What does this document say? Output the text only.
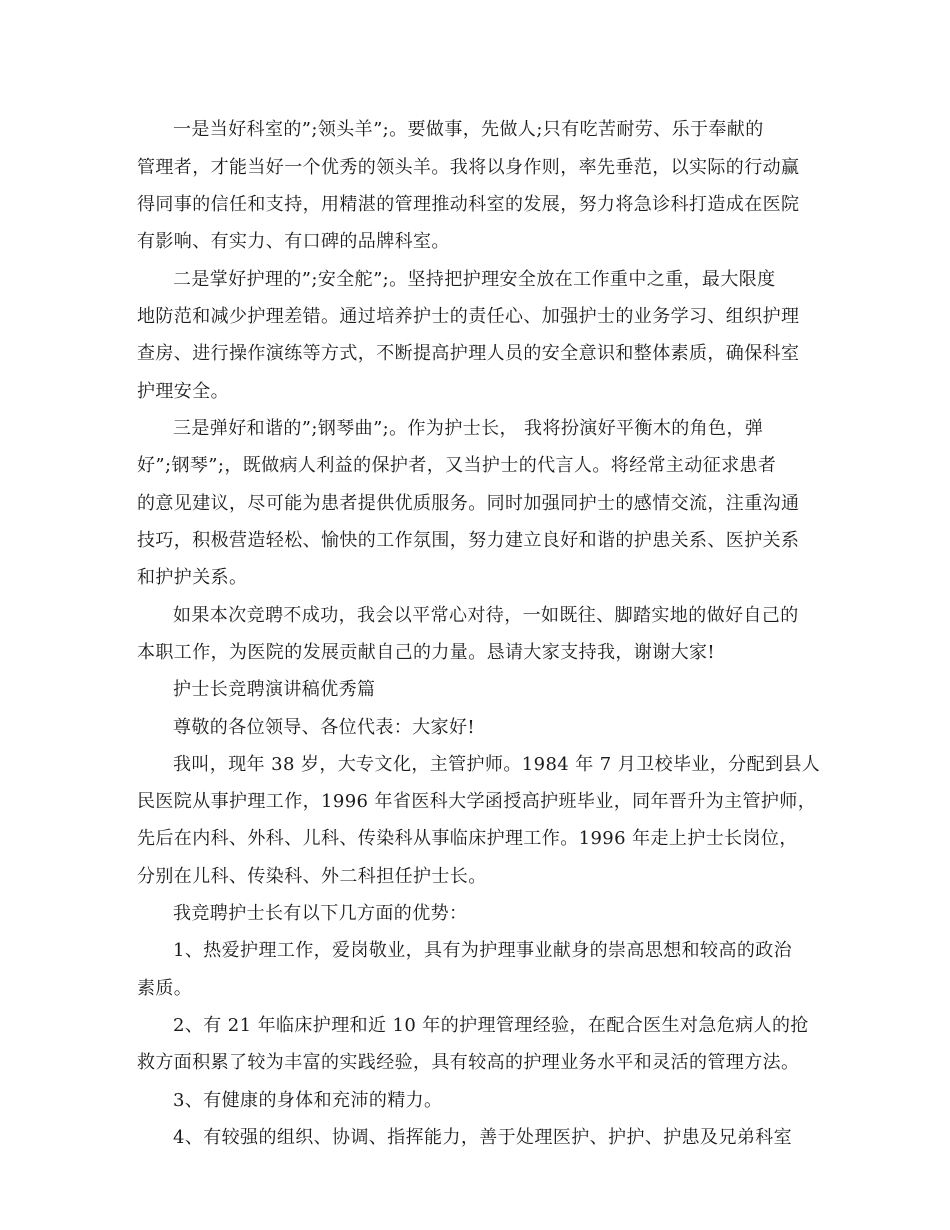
一是当好科室的”;领头羊”;。要做事，先做人;只有吃苦耐劳、乐于奉献的
管理者，才能当好一个优秀的领头羊。我将以身作则，率先垂范，以实际的行动赢
得同事的信任和支持，用精湛的管理推动科室的发展，努力将急诊科打造成在医院
有影响、有实力、有口碑的品牌科室。
二是掌好护理的”;安全舵”;。坚持把护理安全放在工作重中之重，最大限度
地防范和减少护理差错。通过培养护士的责任心、加强护士的业务学习、组织护理
查房、进行操作演练等方式，不断提高护理人员的安全意识和整体素质，确保科室
护理安全。
三是弹好和谐的”;钢琴曲”;。作为护士长， 我将扮演好平衡木的角色，弹
好”;钢琴”;，既做病人利益的保护者，又当护士的代言人。将经常主动征求患者
的意见建议，尽可能为患者提供优质服务。同时加强同护士的感情交流，注重沟通
技巧，积极营造轻松、愉快的工作氛围，努力建立良好和谐的护患关系、医护关系
和护护关系。
如果本次竞聘不成功，我会以平常心对待，一如既往、脚踏实地的做好自己的
本职工作，为医院的发展贡献自己的力量。恳请大家支持我，谢谢大家!
护士长竞聘演讲稿优秀篇
尊敬的各位领导、各位代表：大家好!
我叫，现年 38 岁，大专文化，主管护师。1984 年 7 月卫校毕业，分配到县人
民医院从事护理工作，1996 年省医科大学函授高护班毕业，同年晋升为主管护师，
先后在内科、外科、儿科、传染科从事临床护理工作。1996 年走上护士长岗位，
分别在儿科、传染科、外二科担任护士长。
我竞聘护士长有以下几方面的优势：
1、热爱护理工作，爱岗敬业，具有为护理事业献身的崇高思想和较高的政治
素质。
2、有 21 年临床护理和近 10 年的护理管理经验，在配合医生对急危病人的抢
救方面积累了较为丰富的实践经验，具有较高的护理业务水平和灵活的管理方法。
3、有健康的身体和充沛的精力。
4、有较强的组织、协调、指挥能力，善于处理医护、护护、护患及兄弟科室
